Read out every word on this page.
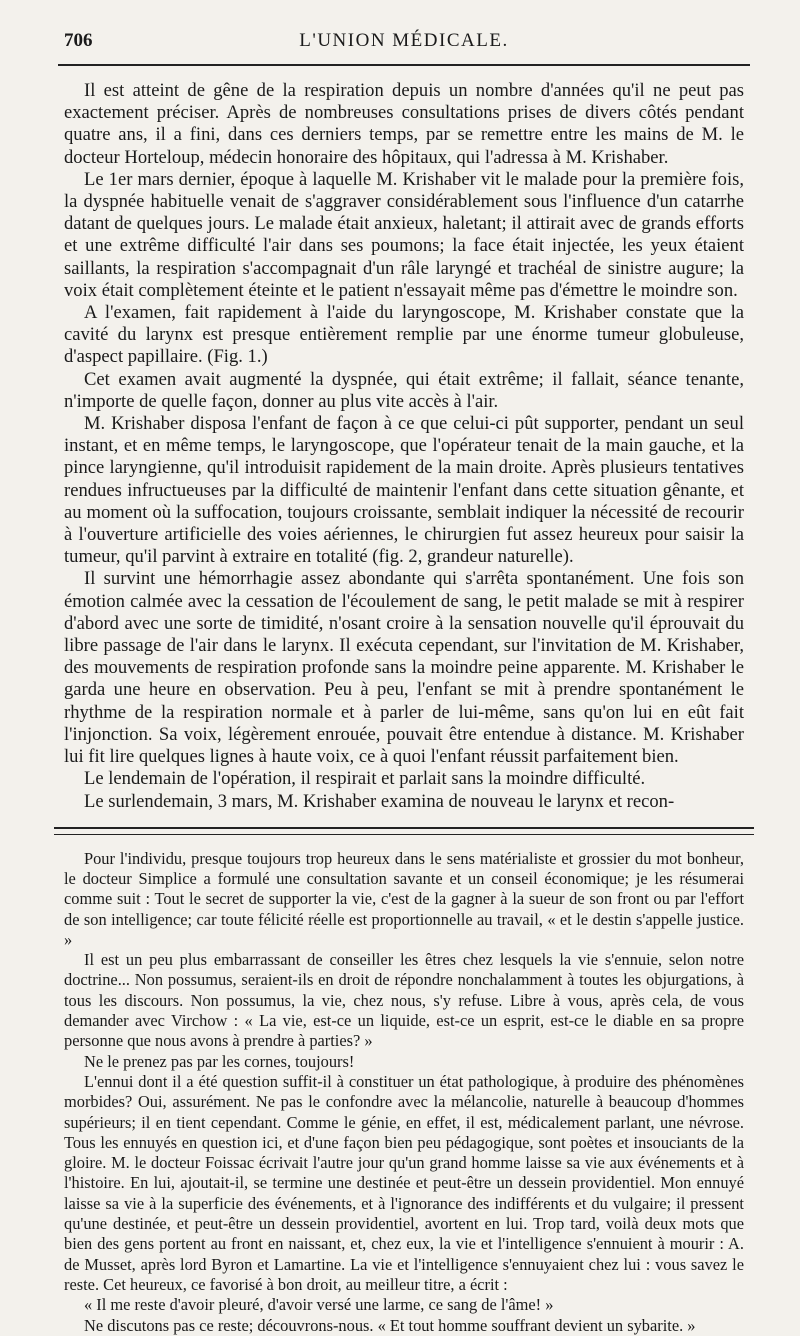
706	L'UNION MÉDICALE.

Il est atteint de gêne de la respiration depuis un nombre d'années qu'il ne peut pas exactement préciser. Après de nombreuses consultations prises de divers côtés pendant quatre ans, il a fini, dans ces derniers temps, par se remettre entre les mains de M. le docteur Horteloup, médecin honoraire des hôpitaux, qui l'adressa à M. Krishaber.

Le 1er mars dernier, époque à laquelle M. Krishaber vit le malade pour la première fois, la dyspnée habituelle venait de s'aggraver considérablement sous l'influence d'un catarrhe datant de quelques jours. Le malade était anxieux, haletant; il attirait avec de grands efforts et une extrême difficulté l'air dans ses poumons; la face était injectée, les yeux étaient saillants, la respiration s'accompagnait d'un râle laryngé et trachéal de sinistre augure; la voix était complètement éteinte et le patient n'essayait même pas d'émettre le moindre son.

A l'examen, fait rapidement à l'aide du laryngoscope, M. Krishaber constate que la cavité du larynx est presque entièrement remplie par une énorme tumeur globuleuse, d'aspect papillaire. (Fig. 1.)

Cet examen avait augmenté la dyspnée, qui était extrême; il fallait, séance tenante, n'importe de quelle façon, donner au plus vite accès à l'air.

M. Krishaber disposa l'enfant de façon à ce que celui-ci pût supporter, pendant un seul instant, et en même temps, le laryngoscope, que l'opérateur tenait de la main gauche, et la pince laryngienne, qu'il introduisit rapidement de la main droite. Après plusieurs tentatives rendues infructueuses par la difficulté de maintenir l'enfant dans cette situation gênante, et au moment où la suffocation, toujours croissante, semblait indiquer la nécessité de recourir à l'ouverture artificielle des voies aériennes, le chirurgien fut assez heureux pour saisir la tumeur, qu'il parvint à extraire en totalité (fig. 2, grandeur naturelle).

Il survint une hémorrhagie assez abondante qui s'arrêta spontanément. Une fois son émotion calmée avec la cessation de l'écoulement de sang, le petit malade se mit à respirer d'abord avec une sorte de timidité, n'osant croire à la sensation nouvelle qu'il éprouvait du libre passage de l'air dans le larynx. Il exécuta cependant, sur l'invitation de M. Krishaber, des mouvements de respiration profonde sans la moindre peine apparente. M. Krishaber le garda une heure en observation. Peu à peu, l'enfant se mit à prendre spontanément le rhythme de la respiration normale et à parler de lui-même, sans qu'on lui en eût fait l'injonction. Sa voix, légèrement enrouée, pouvait être entendue à distance. M. Krishaber lui fit lire quelques lignes à haute voix, ce à quoi l'enfant réussit parfaitement bien.

Le lendemain de l'opération, il respirait et parlait sans la moindre difficulté.

Le surlendemain, 3 mars, M. Krishaber examina de nouveau le larynx et recon-

Pour l'individu, presque toujours trop heureux dans le sens matérialiste et grossier du mot bonheur, le docteur Simplice a formulé une consultation savante et un conseil économique; je les résumerai comme suit : Tout le secret de supporter la vie, c'est de la gagner à la sueur de son front ou par l'effort de son intelligence; car toute félicité réelle est proportionnelle au travail, « et le destin s'appelle justice. »

Il est un peu plus embarrassant de conseiller les êtres chez lesquels la vie s'ennuie, selon notre doctrine... Non possumus, seraient-ils en droit de répondre nonchalamment à toutes les objurgations, à tous les discours. Non possumus, la vie, chez nous, s'y refuse. Libre à vous, après cela, de vous demander avec Virchow : « La vie, est-ce un liquide, est-ce un esprit, est-ce le diable en sa propre personne que nous avons à prendre à parties? »

Ne le prenez pas par les cornes, toujours!

L'ennui dont il a été question suffit-il à constituer un état pathologique, à produire des phénomènes morbides? Oui, assurément. Ne pas le confondre avec la mélancolie, naturelle à beaucoup d'hommes supérieurs; il en tient cependant. Comme le génie, en effet, il est, médicalement parlant, une névrose. Tous les ennuyés en question ici, et d'une façon bien peu pédagogique, sont poètes et insouciants de la gloire. M. le docteur Foissac écrivait l'autre jour qu'un grand homme laisse sa vie aux événements et à l'histoire. En lui, ajoutait-il, se termine une destinée et peut-être un dessein providentiel. Mon ennuyé laisse sa vie à la superficie des événements, et à l'ignorance des indifférents et du vulgaire; il pressent qu'une destinée, et peut-être un dessein providentiel, avortent en lui. Trop tard, voilà deux mots que bien des gens portent au front en naissant, et, chez eux, la vie et l'intelligence s'ennuient à mourir : A. de Musset, après lord Byron et Lamartine. La vie et l'intelligence s'ennuyaient chez lui : vous savez le reste. Cet heureux, ce favorisé à bon droit, au meilleur titre, a écrit :

« Il me reste d'avoir pleuré, d'avoir versé une larme, ce sang de l'âme! »

Ne discutons pas ce reste; découvrons-nous. « Et tout homme souffrant devient un sybarite. »
